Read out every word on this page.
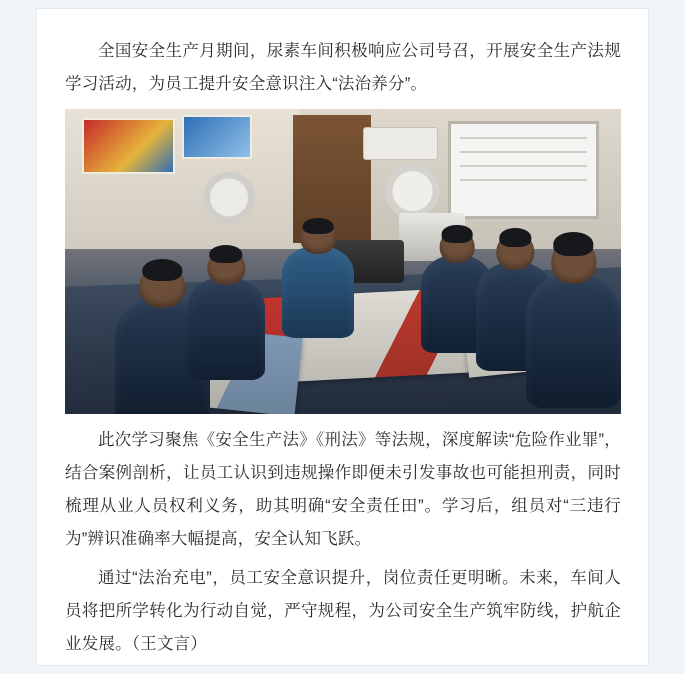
全国安全生产月期间，尿素车间积极响应公司号召，开展安全生产法规学习活动，为员工提升安全意识注入“法治养分”。

此次学习聚焦《安全生产法》《刑法》等法规，深度解读“危险作业罪”，结合案例剖析，让员工认识到违规操作即便未引发事故也可能担刑责，同时梳理从业人员权利义务，助其明确“安全责任田”。学习后，组员对“三违行为”辨识准确率大幅提高，安全认知飞跃。

通过“法治充电”，员工安全意识提升，岗位责任更明晰。未来，车间人员将把所学转化为行动自觉，严守规程，为公司安全生产筑牢防线，护航企业发展。（王文言）
